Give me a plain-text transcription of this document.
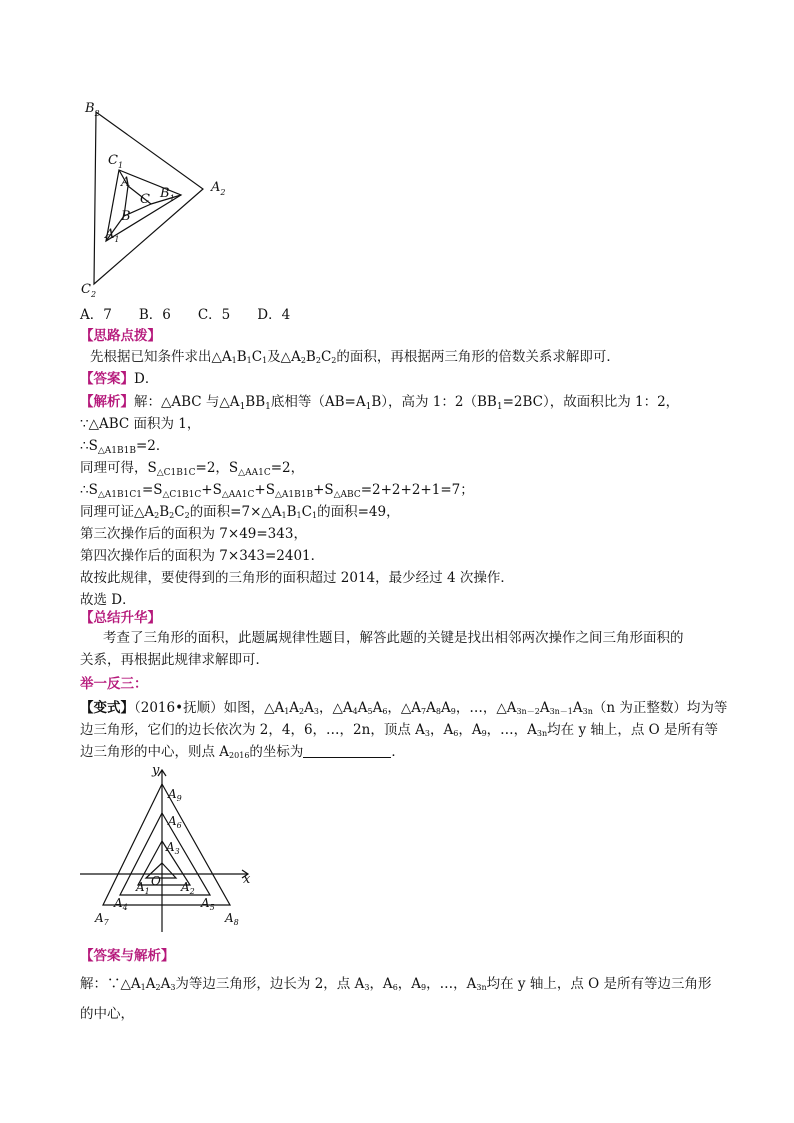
$B_2$
$C_1$
A
C $B_1$
$A_2$
B
$A_1$
$C_2$
A．7　　B．6　　C．5　　D．4
【思路点拨】
先根据已知条件求出△A1B1C1及△A2B2C2的面积，再根据两三角形的倍数关系求解即可．
【答案】D．
【解析】解：△ABC 与$\triangle A_1BB_1$底相等$(AB=A_1B)$，高为 1：$2(BB_1=2BC)$，故面积比为 1：2，
∵△ABC 面积为 1，
$\therefore S_{\triangle A1B1B}=2$．
同理可得，$S_{\triangle C1B1C}=2$，$S_{\triangle AA1C}=2$，
$\therefore S_{\triangle A1B1C1}=S_{\triangle C1B1C}+S_{\triangle AA1C}+S_{\triangle A1B1B}+S_{\triangle ABC}=2+2+2+1=7$；
同理可证△A2B2C2的面积=7×△A1B1C1的面积=49，
第三次操作后的面积为 7×49=343，
第四次操作后的面积为 7×343=2401．
故按此规律，要使得到的三角形的面积超过 2014，最少经过 4 次操作．
故选 D．
【总结升华】
考查了三角形的面积，此题属规律性题目，解答此题的关键是找出相邻两次操作之间三角形面积的
关系，再根据此规律求解即可．
举一反三：
【变式】（2016•抚顺）如图，△A1A2A3，△A4A5A6，△A7A8A9，…，△A3n－2A3n－1A3n（n 为正整数）均为等
边三角形，它们的边长依次为 2，4，6，…，2n，顶点 A3，A6，A9，…，A3n均在 y 轴上，点 O 是所有等
边三角形的中心，则点 A2016的坐标为	．
y
x
O
$A_9$
$A_6$
$A_3$
$A_1$	$A_2$
$A_4$	$A_5$
$A_7$	$A_8$
【答案与解析】
解：∵△A1A2A3为等边三角形，边长为 2，点 A3，A6，A9，…，A3n均在 y 轴上，点 O 是所有等边三角形
的中心，
